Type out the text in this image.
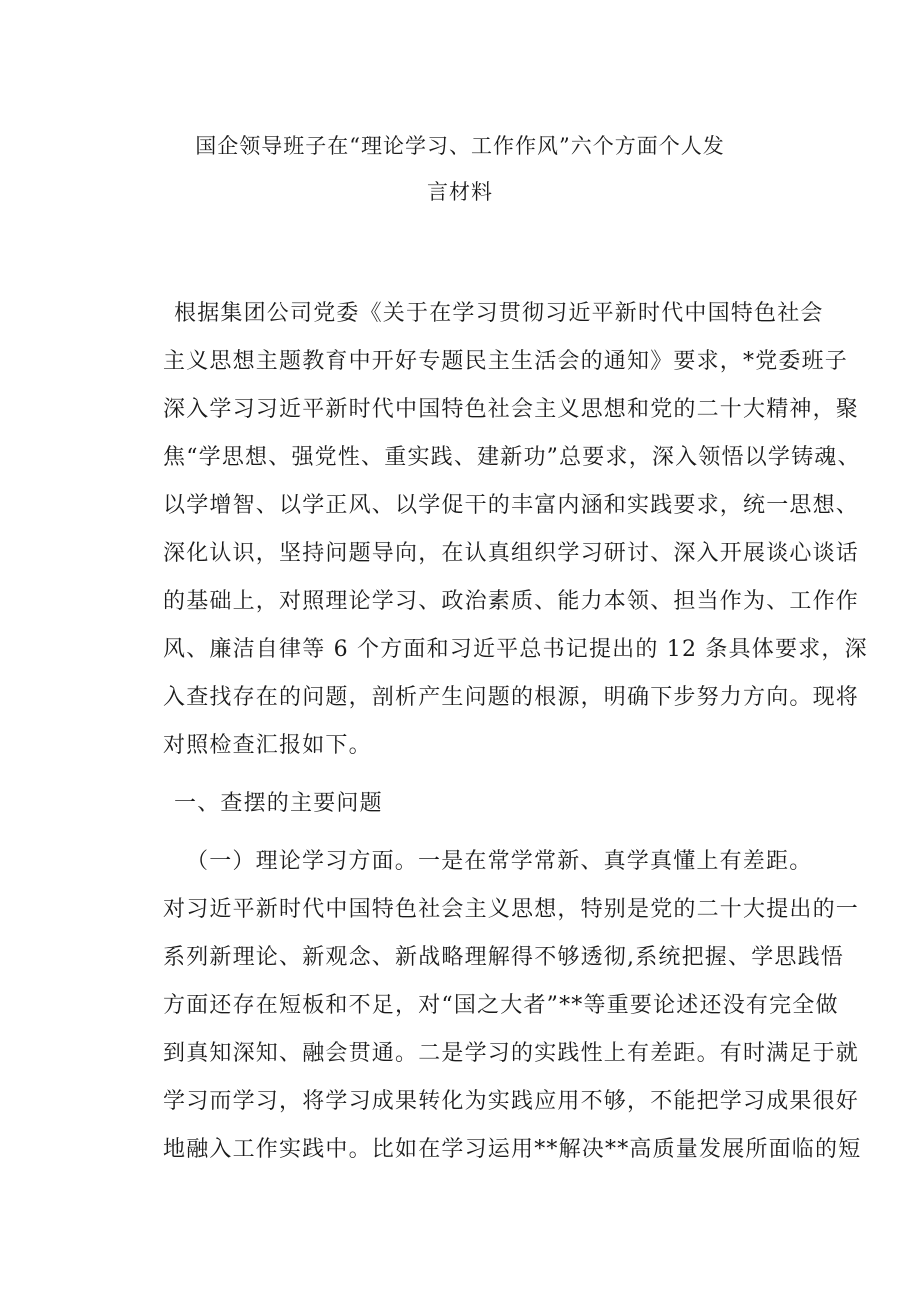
国企领导班子在“理论学习、工作作风”六个方面个人发
言材料
根据集团公司党委《关于在学习贯彻习近平新时代中国特色社会
主义思想主题教育中开好专题民主生活会的通知》要求，*党委班子
深入学习习近平新时代中国特色社会主义思想和党的二十大精神，聚
焦“学思想、强党性、重实践、建新功”总要求，深入领悟以学铸魂、
以学增智、以学正风、以学促干的丰富内涵和实践要求，统一思想、
深化认识，坚持问题导向，在认真组织学习研讨、深入开展谈心谈话
的基础上，对照理论学习、政治素质、能力本领、担当作为、工作作
风、廉洁自律等 6 个方面和习近平总书记提出的 12 条具体要求，深
入查找存在的问题，剖析产生问题的根源，明确下步努力方向。现将
对照检查汇报如下。
一、查摆的主要问题
（一）理论学习方面。一是在常学常新、真学真懂上有差距。
对习近平新时代中国特色社会主义思想，特别是党的二十大提出的一
系列新理论、新观念、新战略理解得不够透彻,系统把握、学思践悟
方面还存在短板和不足，对“国之大者”**等重要论述还没有完全做
到真知深知、融会贯通。二是学习的实践性上有差距。有时满足于就
学习而学习，将学习成果转化为实践应用不够，不能把学习成果很好
地融入工作实践中。比如在学习运用**解决**高质量发展所面临的短
